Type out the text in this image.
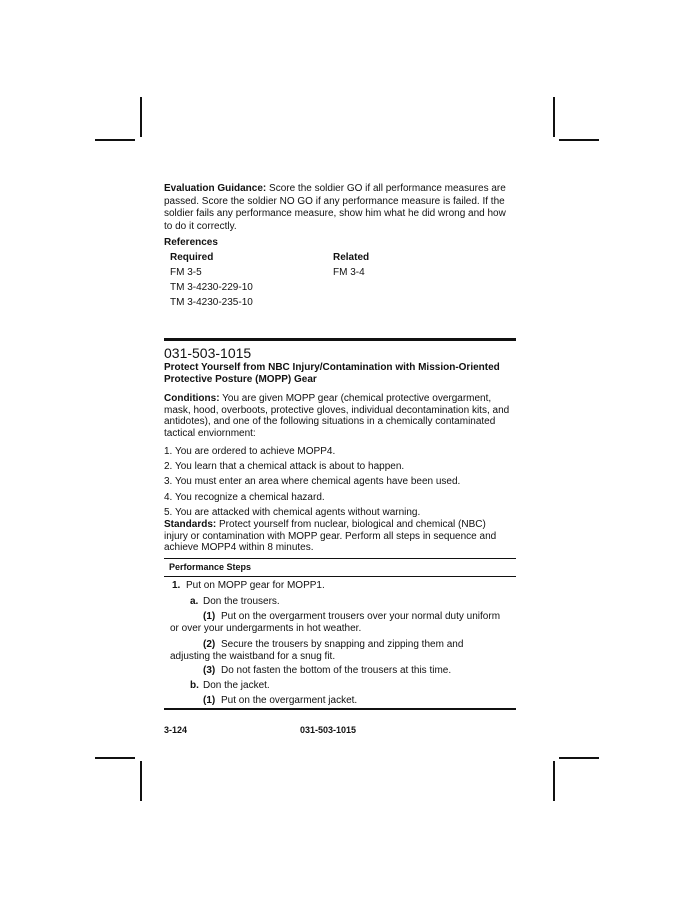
Evaluation Guidance: Score the soldier GO if all performance measures are passed. Score the soldier NO GO if any performance measure is failed. If the soldier fails any performance measure, show him what he did wrong and how to do it correctly.
References
Required	Related
FM 3-5
TM 3-4230-229-10
TM 3-4230-235-10
FM 3-4
031-503-1015
Protect Yourself from NBC Injury/Contamination with Mission-Oriented
Protective Posture (MOPP) Gear
Conditions: You are given MOPP gear (chemical protective overgarment, mask, hood, overboots, protective gloves, individual decontamination kits, and antidotes), and one of the following situations in a chemically contaminated tactical enviornment:
1. You are ordered to achieve MOPP4.
2. You learn that a chemical attack is about to happen.
3. You must enter an area where chemical agents have been used.
4. You recognize a chemical hazard.
5. You are attacked with chemical agents without warning.
Standards: Protect yourself from nuclear, biological and chemical (NBC) injury or contamination with MOPP gear. Perform all steps in sequence and achieve MOPP4 within 8 minutes.
Performance Steps
1. Put on MOPP gear for MOPP1.
a. Don the trousers.
(1) Put on the overgarment trousers over your normal duty uniform
or over your undergarments in hot weather.
(2) Secure the trousers by snapping and zipping them and
adjusting the waistband for a snug fit.
(3) Do not fasten the bottom of the trousers at this time.
b. Don the jacket.
(1) Put on the overgarment jacket.
3-124	031-503-1015
